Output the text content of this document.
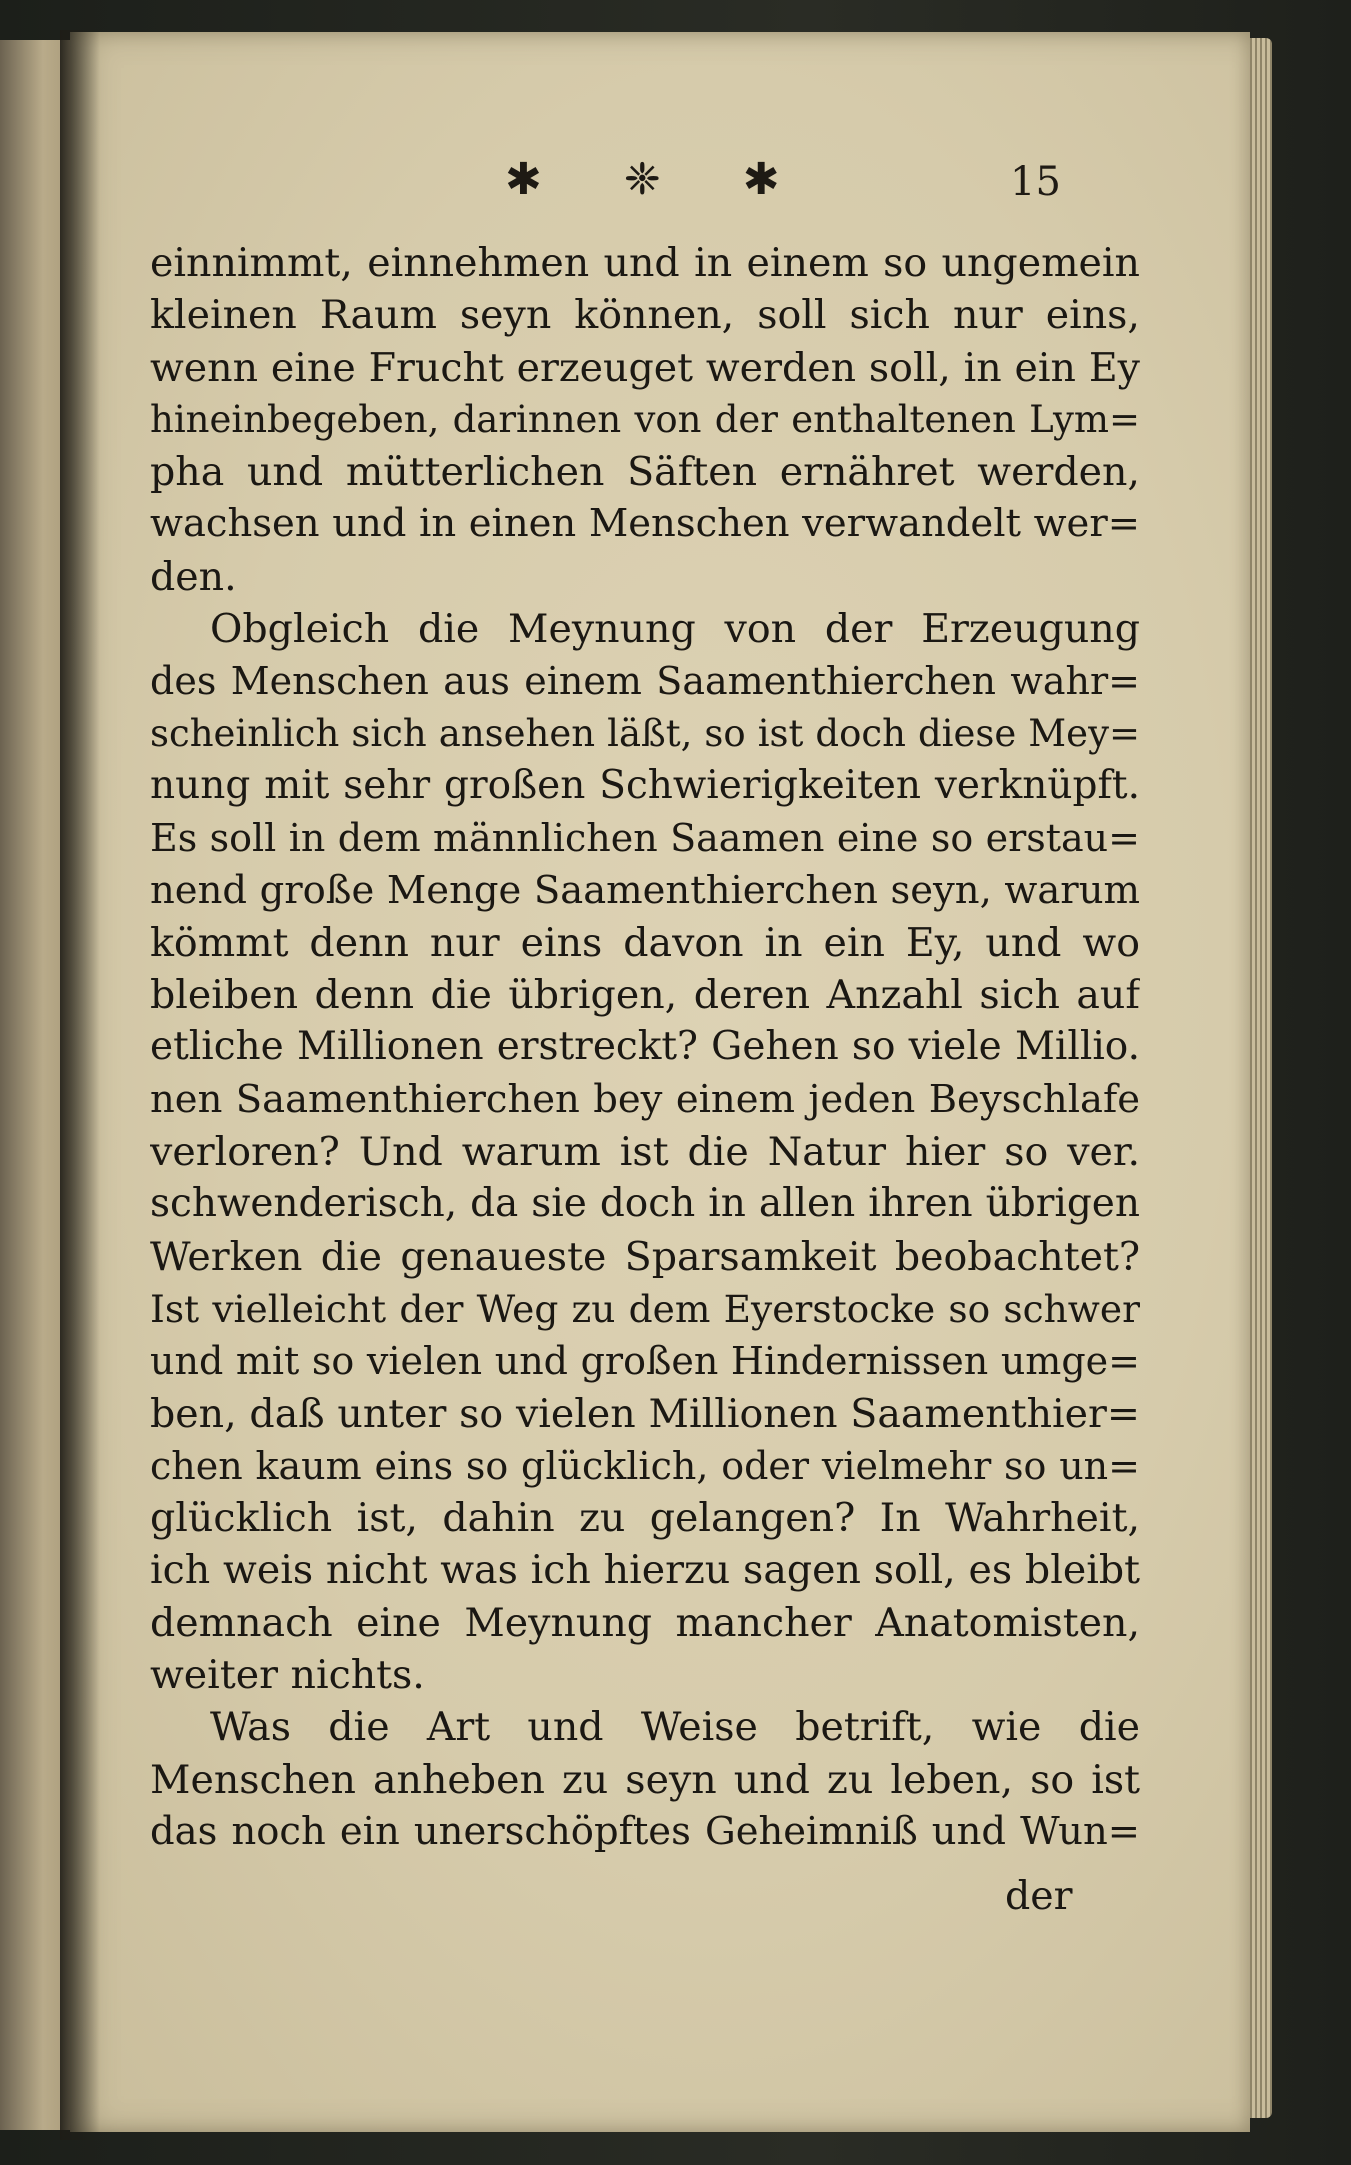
✱ ❈ ✱	15
einnimmt, einnehmen und in einem so ungemein
kleinen Raum seyn können, soll sich nur eins,
wenn eine Frucht erzeuget werden soll, in ein Ey
hineinbegeben, darinnen von der enthaltenen Lym=
pha und mütterlichen Säften ernähret werden,
wachsen und in einen Menschen verwandelt wer=
den.
Obgleich die Meynung von der Erzeugung
des Menschen aus einem Saamenthierchen wahr=
scheinlich sich ansehen läßt, so ist doch diese Mey=
nung mit sehr großen Schwierigkeiten verknüpft.
Es soll in dem männlichen Saamen eine so erstau=
nend große Menge Saamenthierchen seyn, warum
kömmt denn nur eins davon in ein Ey, und wo
bleiben denn die übrigen, deren Anzahl sich auf
etliche Millionen erstreckt? Gehen so viele Millio.
nen Saamenthierchen bey einem jeden Beyschlafe
verloren? Und warum ist die Natur hier so ver.
schwenderisch, da sie doch in allen ihren übrigen
Werken die genaueste Sparsamkeit beobachtet?
Ist vielleicht der Weg zu dem Eyerstocke so schwer
und mit so vielen und großen Hindernissen umge=
ben, daß unter so vielen Millionen Saamenthier=
chen kaum eins so glücklich, oder vielmehr so un=
glücklich ist, dahin zu gelangen? In Wahrheit,
ich weis nicht was ich hierzu sagen soll, es bleibt
demnach eine Meynung mancher Anatomisten,
weiter nichts.
Was die Art und Weise betrift, wie die
Menschen anheben zu seyn und zu leben, so ist
das noch ein unerschöpftes Geheimniß und Wun=
der
